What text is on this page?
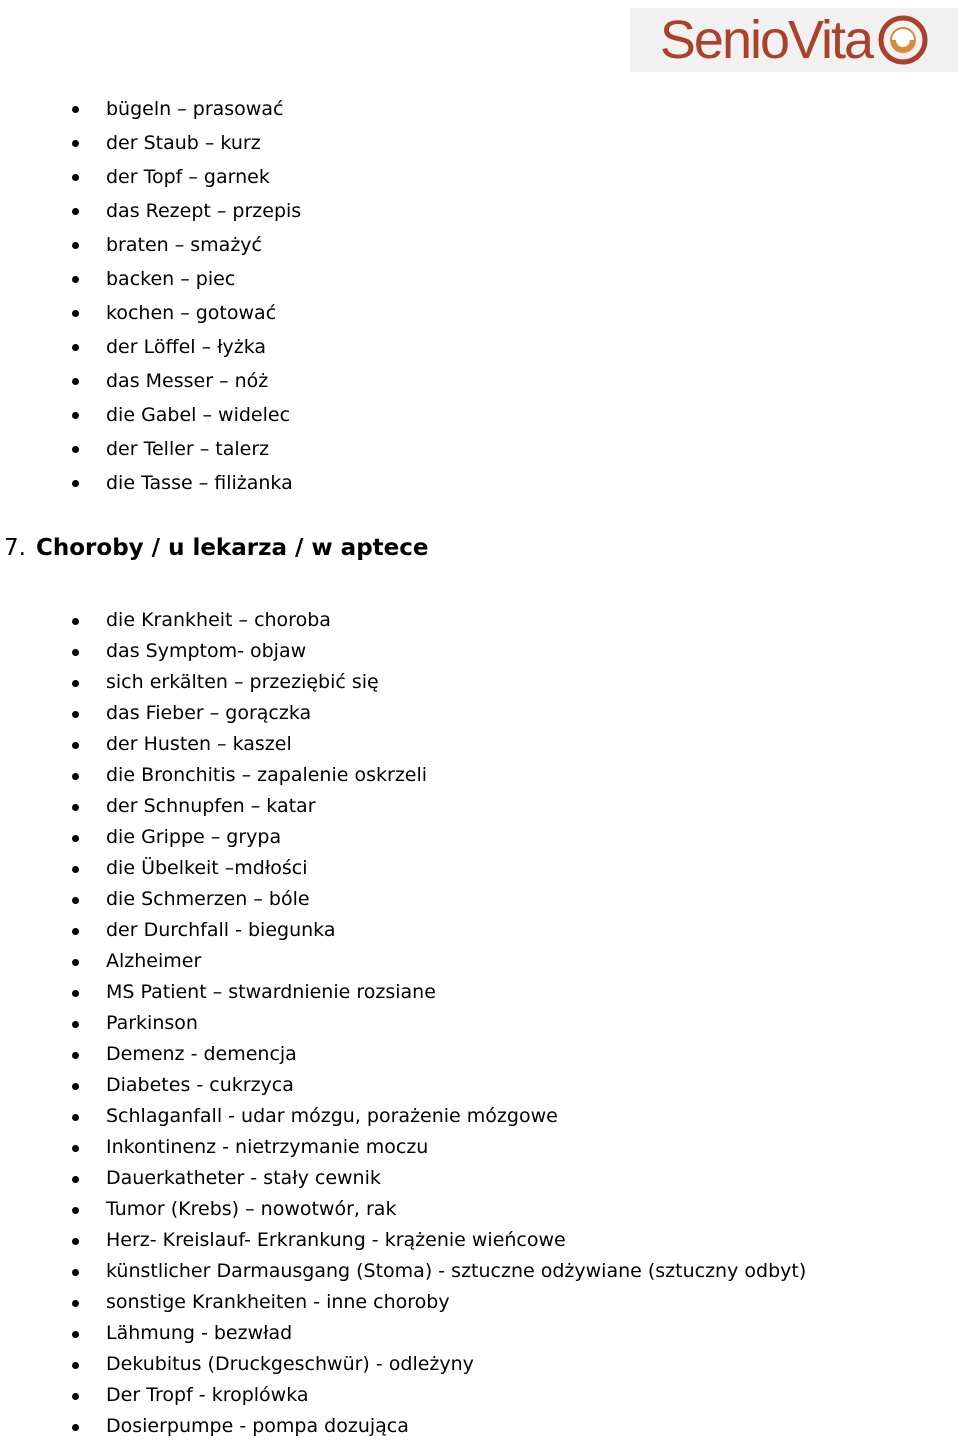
SenioVita
bügeln – prasować
der Staub – kurz
der Topf – garnek
das Rezept – przepis
braten – smażyć
backen – piec
kochen – gotować
der Löffel – łyżka
das Messer – nóż
die Gabel – widelec
der Teller – talerz
die Tasse – filiżanka
7. Choroby / u lekarza / w aptece
die Krankheit – choroba
das Symptom- objaw
sich erkälten – przeziębić się
das Fieber – gorączka
der Husten – kaszel
die Bronchitis – zapalenie oskrzeli
der Schnupfen – katar
die Grippe – grypa
die Übelkeit –mdłości
die Schmerzen – bóle
der Durchfall - biegunka
Alzheimer
MS Patient – stwardnienie rozsiane
Parkinson
Demenz - demencja
Diabetes - cukrzyca
Schlaganfall - udar mózgu, porażenie mózgowe
Inkontinenz - nietrzymanie moczu
Dauerkatheter - stały cewnik
Tumor (Krebs) – nowotwór, rak
Herz- Kreislauf- Erkrankung - krążenie wieńcowe
künstlicher Darmausgang (Stoma) - sztuczne odżywiane (sztuczny odbyt)
sonstige Krankheiten - inne choroby
Lähmung - bezwład
Dekubitus (Druckgeschwür) - odleżyny
Der Tropf - kroplówka
Dosierpumpe - pompa dozująca
